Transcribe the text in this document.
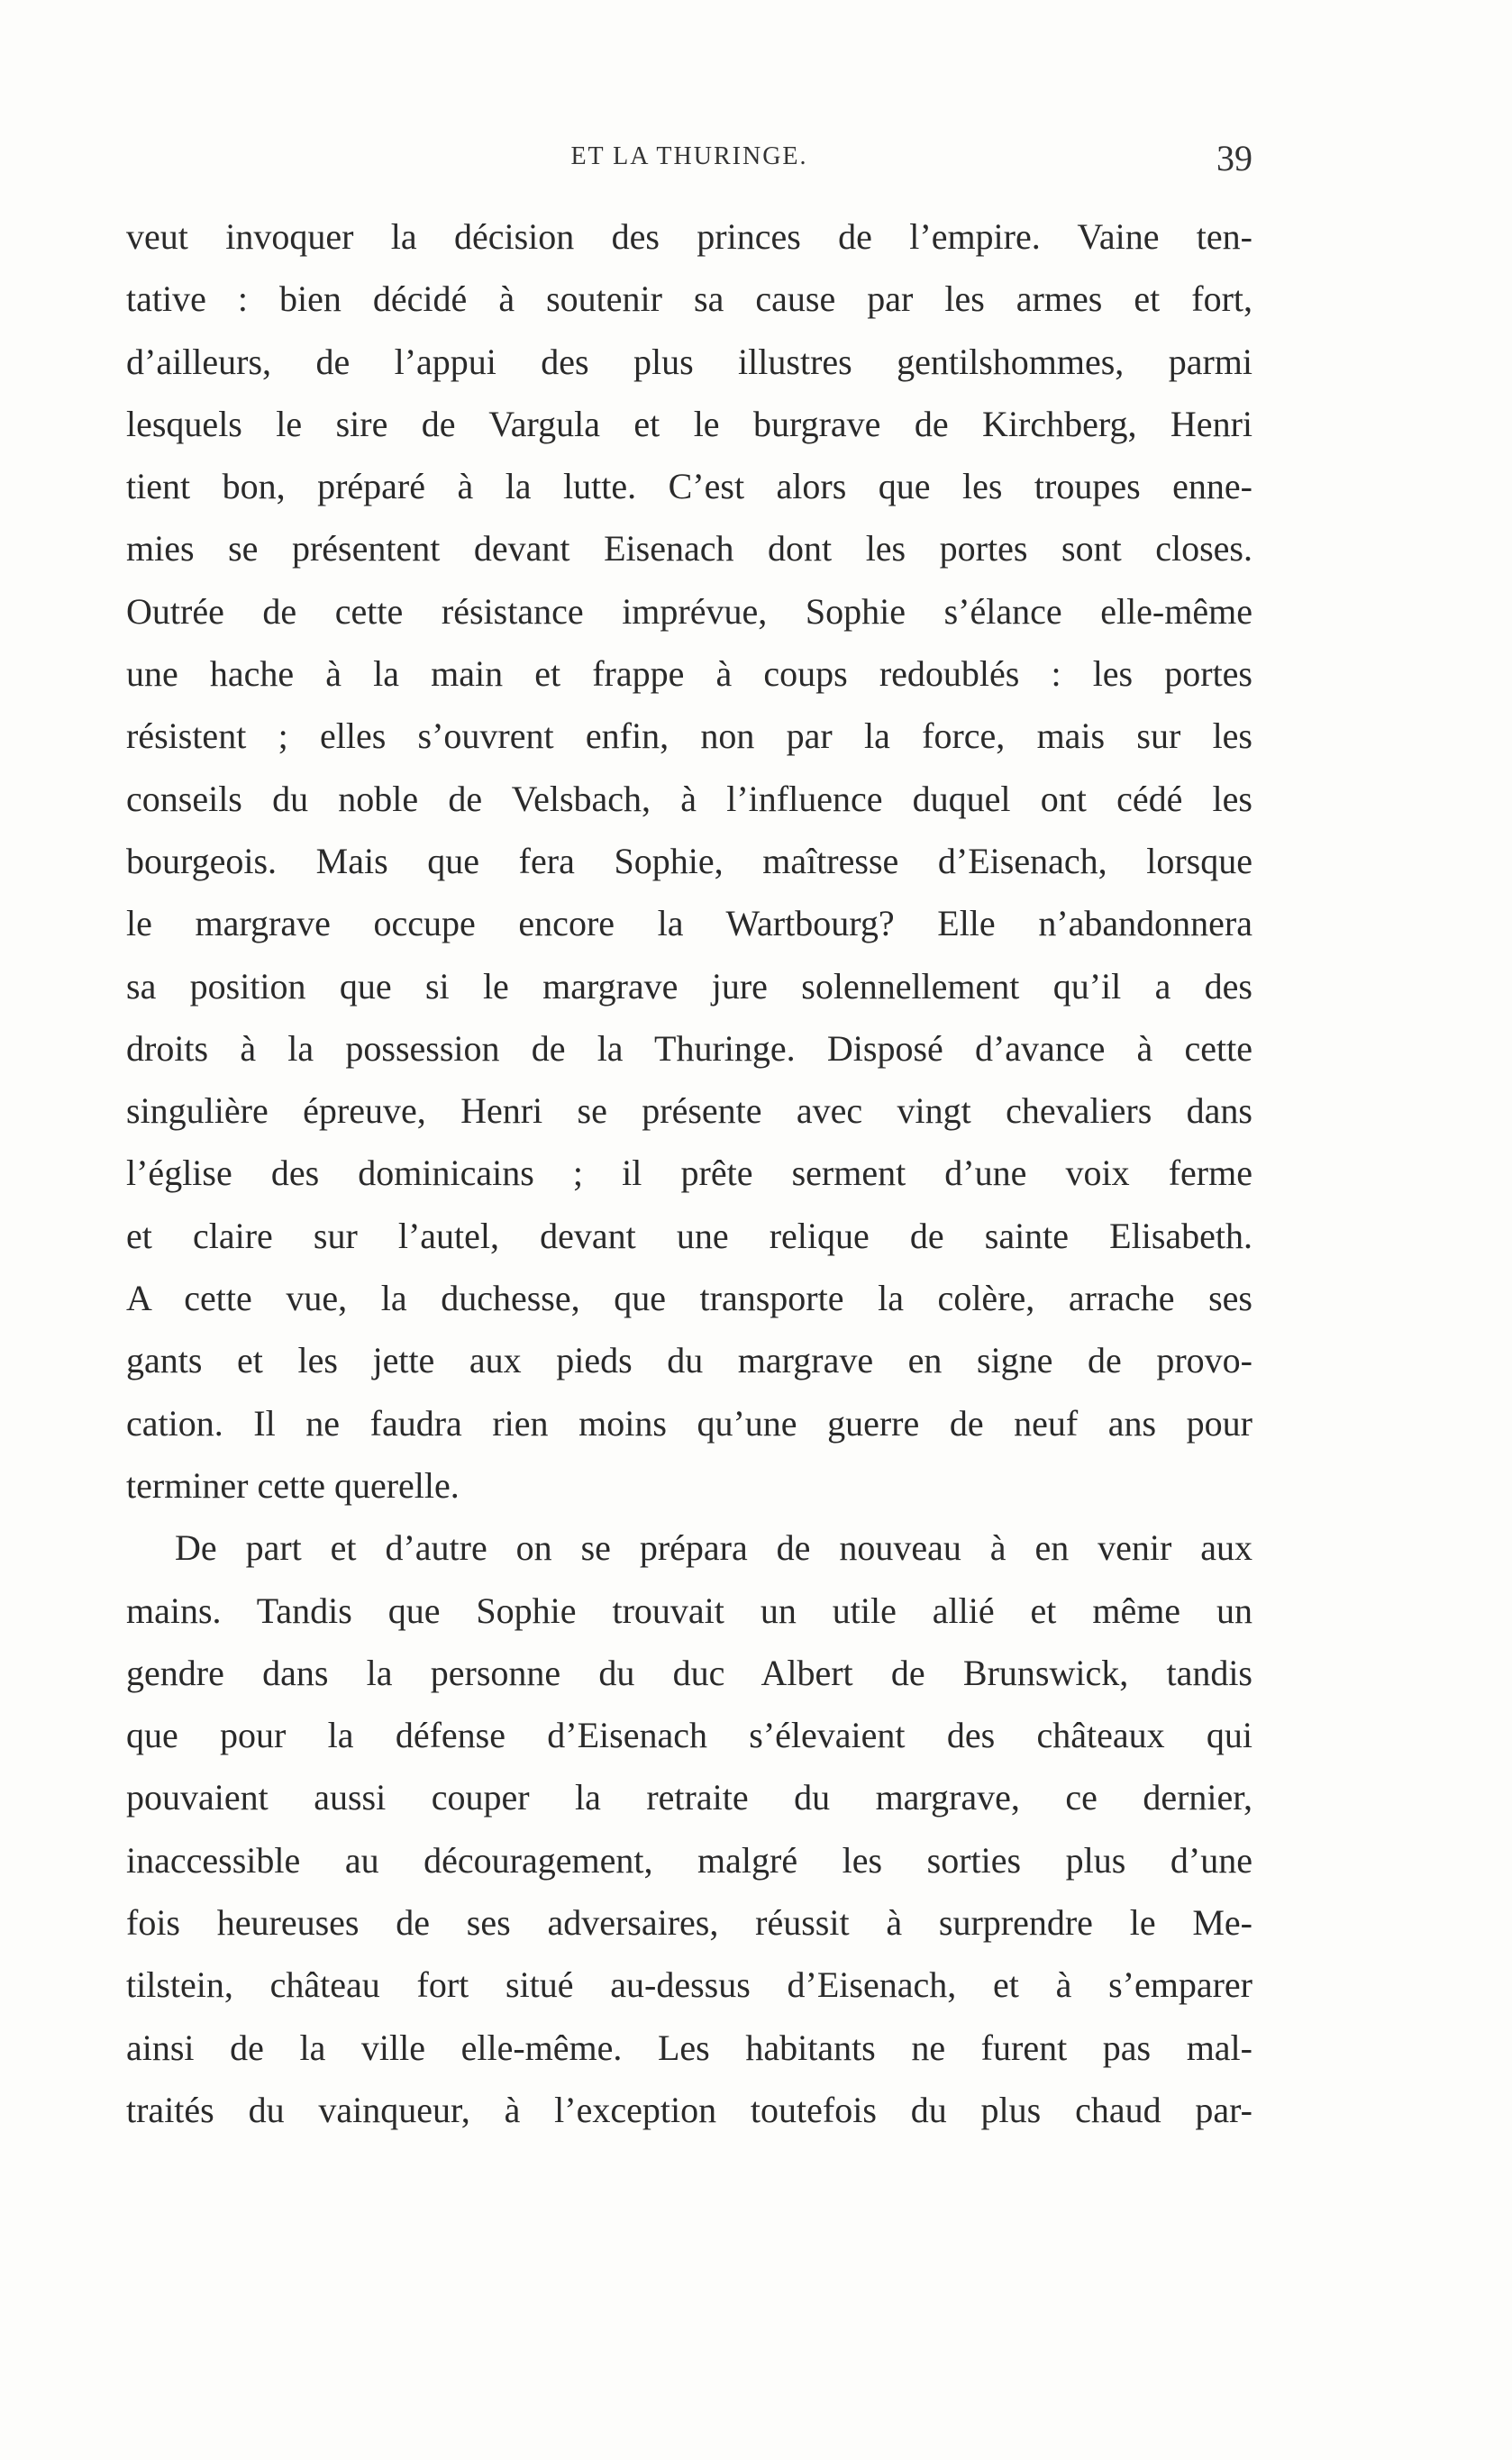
ET LA THURINGE.	39
veut invoquer la décision des princes de l’empire. Vaine ten-
tative : bien décidé à soutenir sa cause par les armes et fort,
d’ailleurs, de l’appui des plus illustres gentilshommes, parmi
lesquels le sire de Vargula et le burgrave de Kirchberg, Henri
tient bon, préparé à la lutte. C’est alors que les troupes enne-
mies se présentent devant Eisenach dont les portes sont closes.
Outrée de cette résistance imprévue, Sophie s’élance elle-même
une hache à la main et frappe à coups redoublés : les portes
résistent ; elles s’ouvrent enfin, non par la force, mais sur les
conseils du noble de Velsbach, à l’influence duquel ont cédé les
bourgeois. Mais que fera Sophie, maîtresse d’Eisenach, lorsque
le margrave occupe encore la Wartbourg? Elle n’abandonnera
sa position que si le margrave jure solennellement qu’il a des
droits à la possession de la Thuringe. Disposé d’avance à cette
singulière épreuve, Henri se présente avec vingt chevaliers dans
l’église des dominicains ; il prête serment d’une voix ferme
et claire sur l’autel, devant une relique de sainte Elisabeth.
A cette vue, la duchesse, que transporte la colère, arrache ses
gants et les jette aux pieds du margrave en signe de provo-
cation. Il ne faudra rien moins qu’une guerre de neuf ans pour
terminer cette querelle.
De part et d’autre on se prépara de nouveau à en venir aux
mains. Tandis que Sophie trouvait un utile allié et même un
gendre dans la personne du duc Albert de Brunswick, tandis
que pour la défense d’Eisenach s’élevaient des châteaux qui
pouvaient aussi couper la retraite du margrave, ce dernier,
inaccessible au découragement, malgré les sorties plus d’une
fois heureuses de ses adversaires, réussit à surprendre le Me-
tilstein, château fort situé au-dessus d’Eisenach, et à s’emparer
ainsi de la ville elle-même. Les habitants ne furent pas mal-
traités du vainqueur, à l’exception toutefois du plus chaud par-
